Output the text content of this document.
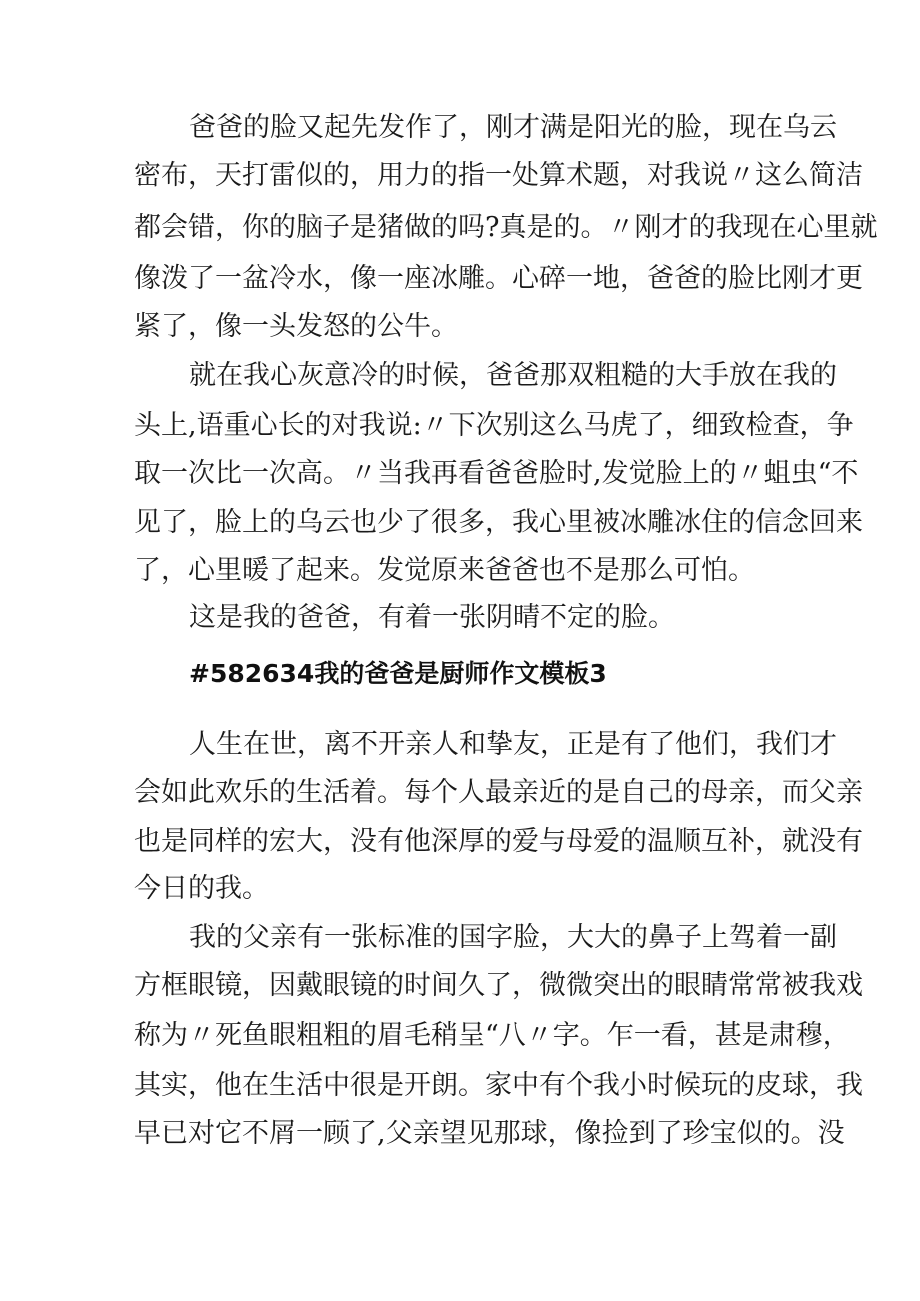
爸爸的脸又起先发作了，刚才满是阳光的脸，现在乌云
密布，天打雷似的，用力的指一处算术题，对我说〃这么简洁
都会错，你的脑子是猪做的吗?真是的。〃刚才的我现在心里就
像泼了一盆冷水，像一座冰雕。心碎一地，爸爸的脸比刚才更
紧了，像一头发怒的公牛。
就在我心灰意冷的时候，爸爸那双粗糙的大手放在我的
头上,语重心长的对我说:〃下次别这么马虎了，细致检查，争
取一次比一次高。〃当我再看爸爸脸时,发觉脸上的〃蛆虫“不
见了，脸上的乌云也少了很多，我心里被冰雕冰住的信念回来
了，心里暖了起来。发觉原来爸爸也不是那么可怕。
这是我的爸爸，有着一张阴晴不定的脸。
#582634我的爸爸是厨师作文模板3
人生在世，离不开亲人和挚友，正是有了他们，我们才
会如此欢乐的生活着。每个人最亲近的是自己的母亲，而父亲
也是同样的宏大，没有他深厚的爱与母爱的温顺互补，就没有
今日的我。
我的父亲有一张标准的国字脸，大大的鼻子上驾着一副
方框眼镜，因戴眼镜的时间久了，微微突出的眼睛常常被我戏
称为〃死鱼眼粗粗的眉毛稍呈“八〃字。乍一看，甚是肃穆，
其实，他在生活中很是开朗。家中有个我小时候玩的皮球，我
早已对它不屑一顾了,父亲望见那球，像捡到了珍宝似的。没
